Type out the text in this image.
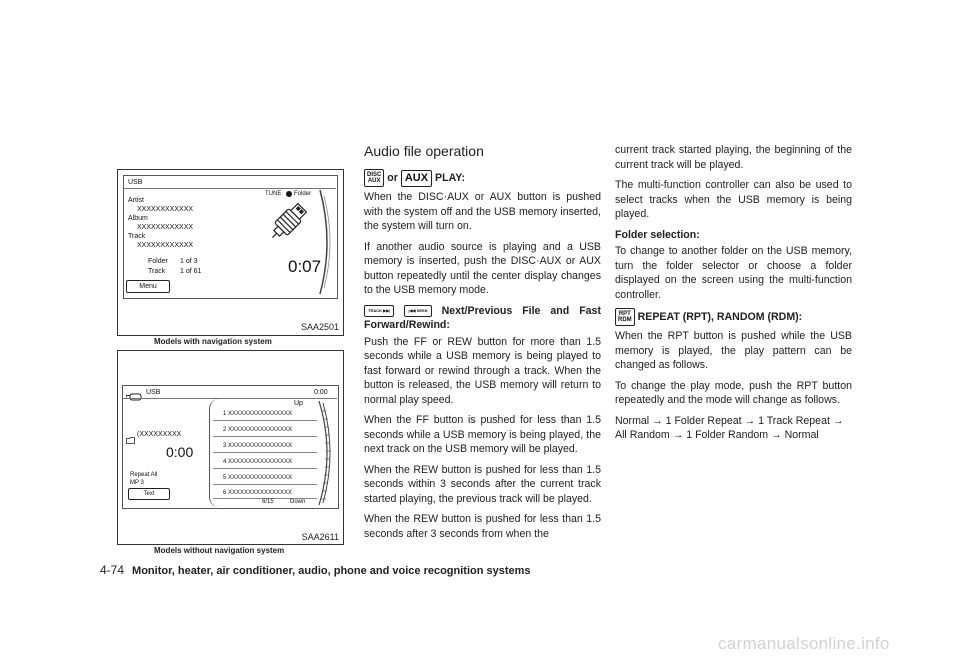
USB
TUNE Folder
Artist
XXXXXXXXXXXX
Album
XXXXXXXXXXXX
Track
XXXXXXXXXXXX
Folder 1 of 3
Track 1 of 61	0:07
Menu
SAA2501
Models with navigation system
USB	0:00
(XXXXXXXXX
0:00
Repeat All
MP 3
Text
Up
1 XXXXXXXXXXXXXXXX
2 XXXXXXXXXXXXXXXX
3 XXXXXXXXXXXXXXXX
4 XXXXXXXXXXXXXXXX
5 XXXXXXXXXXXXXXXX
6 XXXXXXXXXXXXXXXX
6/15	Down
SAA2611
Models without navigation system
Audio file operation

DISC
AUX or AUX PLAY:

When the DISC·AUX or AUX button is pushed with the system off and the USB memory inserted, the system will turn on.

If another audio source is playing and a USB memory is inserted, push the DISC·AUX or AUX button repeatedly until the center display changes to the USB memory mode.

TRACK ▶▶|	|◀◀ SEEK Next/Previous File and Fast Forward/Rewind:

Push the FF or REW button for more than 1.5 seconds while a USB memory is being played to fast forward or rewind through a track. When the button is released, the USB memory will return to normal play speed.

When the FF button is pushed for less than 1.5 seconds while a USB memory is being played, the next track on the USB memory will be played.

When the REW button is pushed for less than 1.5 seconds within 3 seconds after the current track started playing, the previous track will be played.

When the REW button is pushed for less than 1.5 seconds after 3 seconds from when the

current track started playing, the beginning of the current track will be played.

The multi-function controller can also be used to select tracks when the USB memory is being played.

Folder selection:

To change to another folder on the USB memory, turn the folder selector or choose a folder displayed on the screen using the multi-function controller.

RPT
RDM REPEAT (RPT), RANDOM (RDM):

When the RPT button is pushed while the USB memory is played, the play pattern can be changed as follows.

To change the play mode, push the RPT button repeatedly and the mode will change as follows.

Normal → 1 Folder Repeat → 1 Track Repeat → All Random → 1 Folder Random → Normal

4-74 Monitor, heater, air conditioner, audio, phone and voice recognition systems
carmanualsonline.info
